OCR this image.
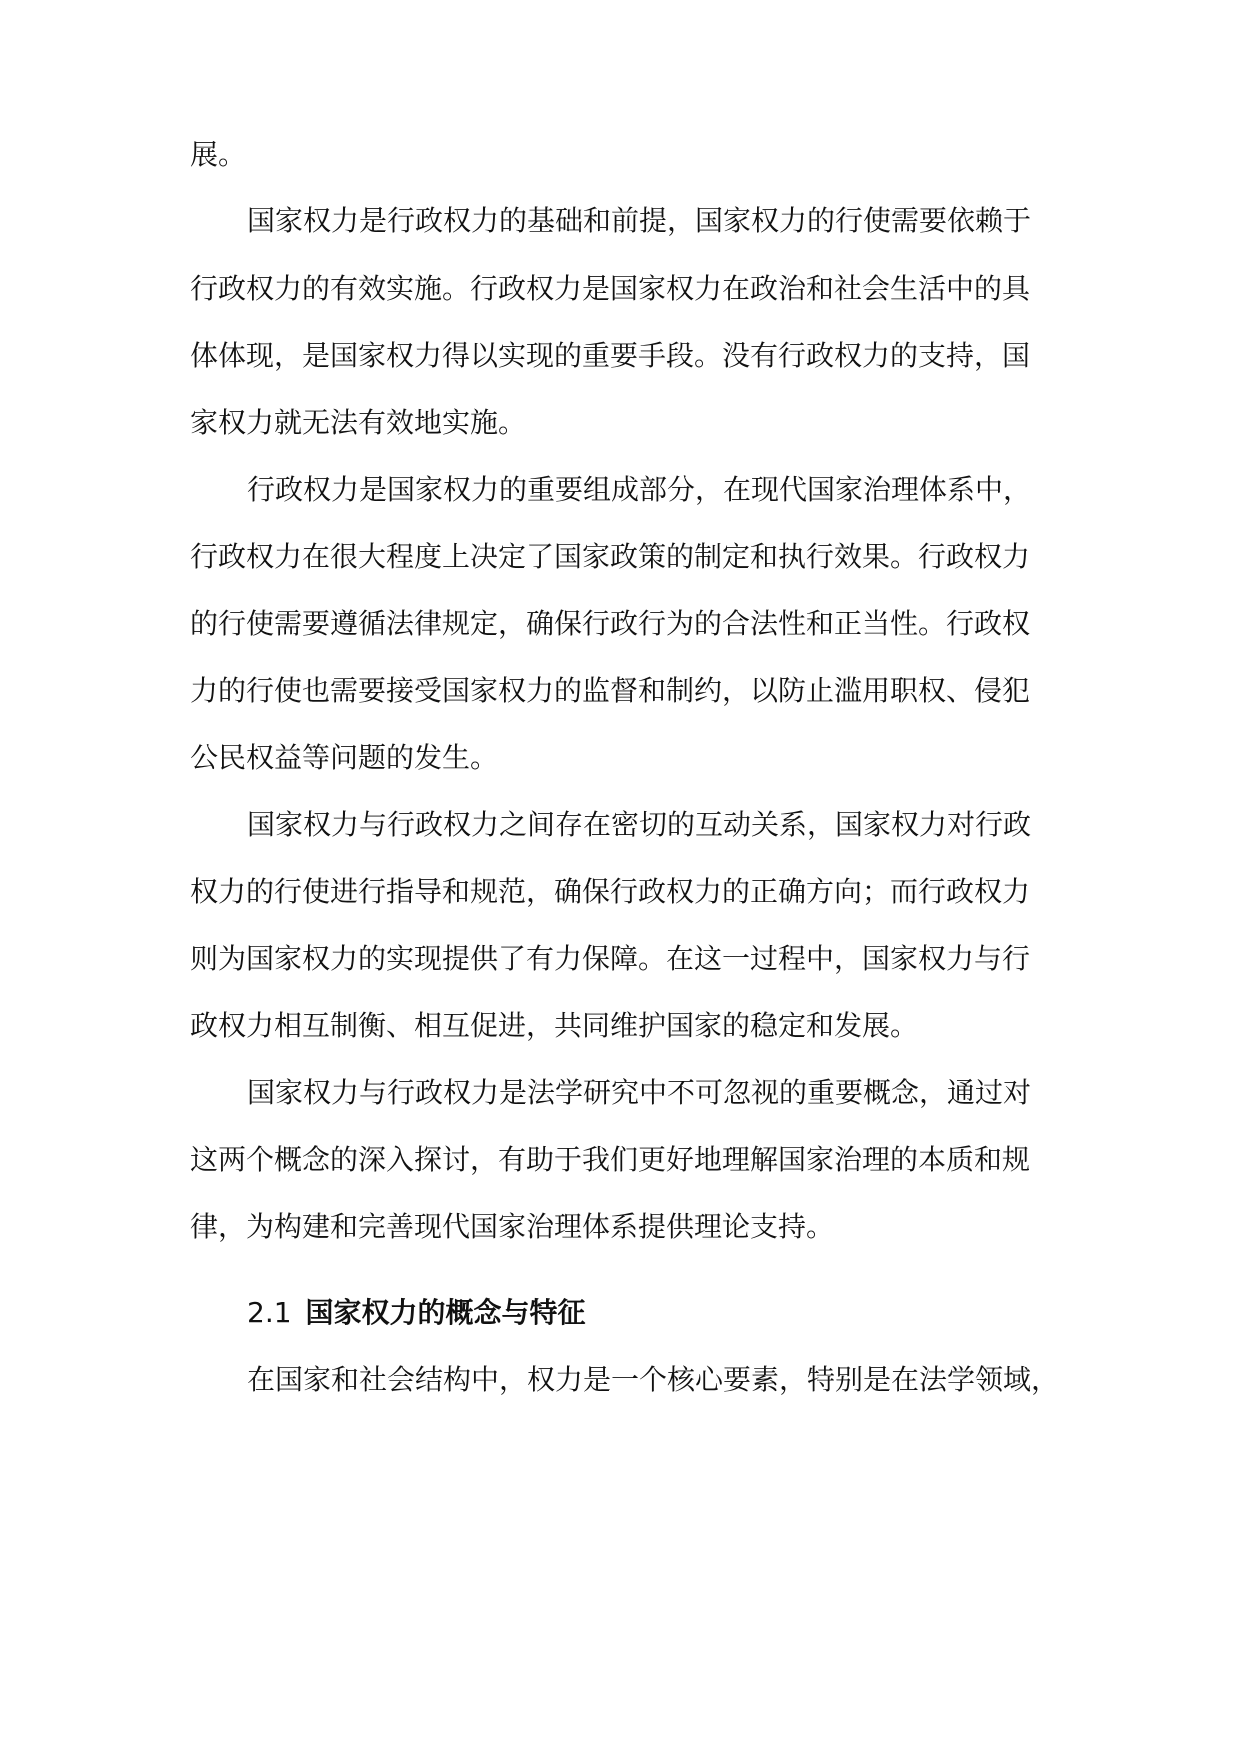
展。
国家权力是行政权力的基础和前提，国家权力的行使需要依赖于
行政权力的有效实施。行政权力是国家权力在政治和社会生活中的具
体体现，是国家权力得以实现的重要手段。没有行政权力的支持，国
家权力就无法有效地实施。
行政权力是国家权力的重要组成部分，在现代国家治理体系中，
行政权力在很大程度上决定了国家政策的制定和执行效果。行政权力
的行使需要遵循法律规定，确保行政行为的合法性和正当性。行政权
力的行使也需要接受国家权力的监督和制约，以防止滥用职权、侵犯
公民权益等问题的发生。
国家权力与行政权力之间存在密切的互动关系，国家权力对行政
权力的行使进行指导和规范，确保行政权力的正确方向；而行政权力
则为国家权力的实现提供了有力保障。在这一过程中，国家权力与行
政权力相互制衡、相互促进，共同维护国家的稳定和发展。
国家权力与行政权力是法学研究中不可忽视的重要概念，通过对
这两个概念的深入探讨，有助于我们更好地理解国家治理的本质和规
律，为构建和完善现代国家治理体系提供理论支持。
2.1 国家权力的概念与特征
在国家和社会结构中，权力是一个核心要素，特别是在法学领域，
